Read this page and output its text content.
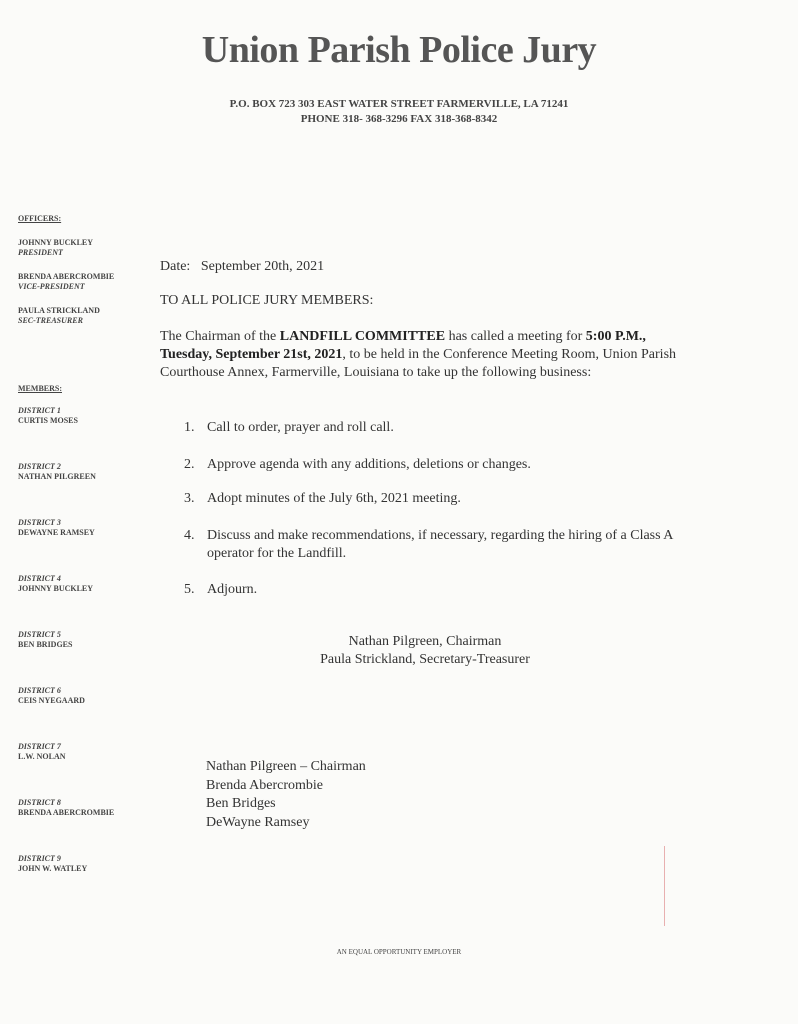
Union Parish Police Jury
P.O. BOX 723 303 EAST WATER STREET FARMERVILLE, LA 71241
PHONE 318- 368-3296 FAX 318-368-8342
OFFICERS:
JOHNNY BUCKLEY
PRESIDENT
BRENDA ABERCROMBIE
VICE-PRESIDENT
PAULA STRICKLAND
SEC-TREASURER
MEMBERS:
DISTRICT 1
CURTIS MOSES
DISTRICT 2
NATHAN PILGREEN
DISTRICT 3
DEWAYNE RAMSEY
DISTRICT 4
JOHNNY BUCKLEY
DISTRICT 5
BEN BRIDGES
DISTRICT 6
CEIS NYEGAARD
DISTRICT 7
L.W. NOLAN
DISTRICT 8
BRENDA ABERCROMBIE
DISTRICT 9
JOHN W. WATLEY
Date: September 20th, 2021
TO ALL POLICE JURY MEMBERS:
The Chairman of the LANDFILL COMMITTEE has called a meeting for 5:00 P.M., Tuesday, September 21st, 2021, to be held in the Conference Meeting Room, Union Parish Courthouse Annex, Farmerville, Louisiana to take up the following business:
1. Call to order, prayer and roll call.
2. Approve agenda with any additions, deletions or changes.
3. Adopt minutes of the July 6th, 2021 meeting.
4. Discuss and make recommendations, if necessary, regarding the hiring of a Class A operator for the Landfill.
5. Adjourn.
Nathan Pilgreen, Chairman
Paula Strickland, Secretary-Treasurer
Nathan Pilgreen – Chairman
Brenda Abercrombie
Ben Bridges
DeWayne Ramsey
AN EQUAL OPPORTUNITY EMPLOYER
